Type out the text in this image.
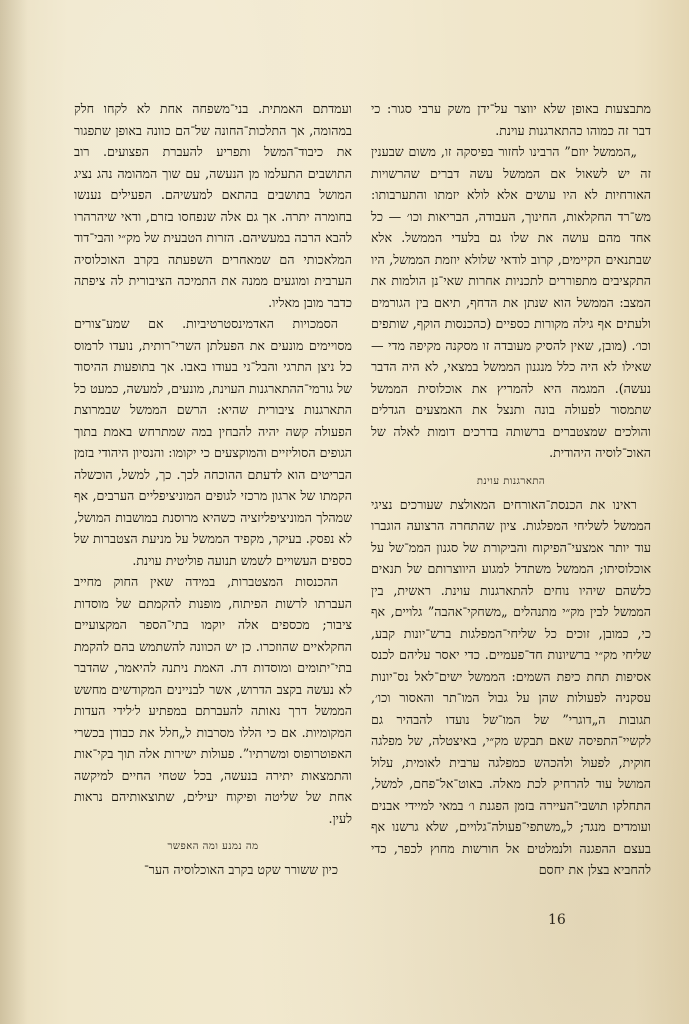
מתבצעות באופן שלא יווצר על־ידן משק ערבי סגור: כי דבר זה כמוהו כהתארגנות עוינת.

„הממשל יוזם” הרבינו לחזור בפיסקה זו, משום שבענין זה יש לשאול אם הממשל עשה דברים שהרשויות האורחיות לא היו עושים אלא לולא יזמתו והתערבותו: מש־רד החקלאות, החינוך, העבודה, הבריאות וכו׳ — כל אחד מהם עושה את שלו גם בלעדי הממשל. אלא שבתנאים הקיימים, קרוב לודאי שלולא יוזמת הממשל, היו התקציבים מתפוררים לתכניות אחרות שאי־נן הולמות את המצב: הממשל הוא שנתן את הדחף, תיאם בין הגורמים ולעתים אף גילה מקורות כספיים (כהכנסות הוקף, שותפים וכו׳. (מובן, שאין להסיק מעובדה זו מסקנה מקיפה מדי — שאילו לא היה כלל מנגנון הממשל במצאי, לא היה הדבר נעשה). המגמה היא להמריץ את אוכלוסית הממשל שתמסור לפעולה בונה ותנצל את האמצעים הגדלים והולכים שמצטברים ברשותה בדרכים דומות לאלה של האוכ־לוסיה היהודית.

התארגנות עוינת

ראינו את הכנסת־האורחים המאולצת שעורכים נציגי הממשל לשליחי המפלגות. ציון שהתחרה הרצועה הוגברו עוד יותר אמצעי־הפיקוח והביקורת של סגנון הממ־של על אוכלוסיתו; הממשל משתדל למגוע היווצרותם של תנאים כלשהם שיהיו נוחים להתארגנות עוינת. ראשית, בין הממשל לבין מק״י מתנהלים „משחקי־אהבה” גלויים, אף כי, כמובן, זוכים כל שליחי־המפלגות ברש־יונות קבע, שליחי מק״י ברשיונות חד־פעמיים. כדי יאסר עליהם לכנס אסיפות תחת כיפת השמים: הממשל ישים־לאל נס־יונות עסקניה לפעולות שהן על גבול המו־תר והאסור וכו׳, תגובות ה„דוגרי” של המו־של נועדו להבהיר גם לקשיי־התפיסה שאם תבקש מק״י, באיצטלה, של מפלגה חוקית, לפעול ולהכהש כמפלגה ערבית לאומית, עלול המושל עוד להרחיק לכת מאלה. באוט־אל־פחם, למשל, התחלקו תושבי־העיירה בזמן הפגנת ו׳ במאי למיידי אבנים ועומדים מנגד; ל„משתפי־פעולה־גלויים, שלא גרשנו אף בעצם ההפגנה ולנמלטים אל חורשות מחוץ לכפר, כדי להחביא בצלן את יחסם

ועמדתם האמתית. בני־משפחה אחת לא לקחו חלק במהומה, אך התלכות־החונה של־הם כוונה באופן שתפגור את כיבוד־המשל ותפריע להעברת הפצועים. רוב התושבים התעלמו מן הנעשה, עם שוך המהומה נהג נציג המושל בתושבים בהתאם למעשיהם. הפעילים נענשו בחומרה יתרה. אך גם אלה שנפחסו בזרם, ודאי שיהרהרו להבא הרבה במעשיהם. הזרות הטבעית של מק״י והבי־דוד המלאכותי הם שמאחרים השפעתה בקרב האוכלוסיה הערבית ומוגעים ממנה את התמיכה הציבורית לה ציפתה כדבר מובן מאליו.

הסמכויות האדמינסטרטיביות. אם שמע־צורים מסויימים מונעים את הפעלתן השרי־רותית, נועדו לרמוס כל ניצן התרגי והבל־ני בעודו באבו. אך בתופעות ההיסוד של גורמי־ההתארגנות העוינת, מונעים, למעשה, כמעט כל התארגנות ציבורית שהיא: הרשם הממשל שבמרוצת הפעולה קשה יהיה להבחין במה שמתרחש באמת בתוך הגופים הסוליזיים והמוקצעים כי יקומו: והנסיון היהודי בזמן הבריטים הוא לדעתם ההוכחה לכך. כך, למשל, הוכשלה הקמתו של ארגון מרכזי לגופים המוניציפליים הערבים, אף שמהלך המוניציפליזציה כשהיא מרוסנת במושבות המושל, לא נפסק. בעיקר, מקפיד הממשל על מניעת הצטברות של כספים העשויים לשמש תנועה פוליטית עוינת.

ההכנסות המצטברות, במידה שאין החוק מחייב העברתו לרשות הפיתוח, מופנות להקמתם של מוסדות ציבור; מכספים אלה יוקמו בתי־הספר המקצועיים החקלאיים שהוזכרו. כן יש הכוונה להשתמש בהם להקמת בתי־יתומים ומוסדות דת. האמת ניתנה להיאמר, שהדבר לא נעשה בקצב הדרוש, אשר לבניינים המקודשים מחשש הממשל דרך נאותה להעברתם במפתיע ל׳לידי העדות המקומיות. אם כי הללו מסרבות ל„חלל את כבודן בכשרי האפוטרופוס ומשרתיו”. פעולות ישירות אלה תוך בקי־אות והתמצאות יתירה בנעשה, בכל שטחי החיים למיקשה אחת של שליטה ופיקוח יעילים, שתוצאותיהם נראות לעין.

מה נמנע ומה האפשר

כיון ששורר שקט בקרב האוכלוסיה הער־

16
